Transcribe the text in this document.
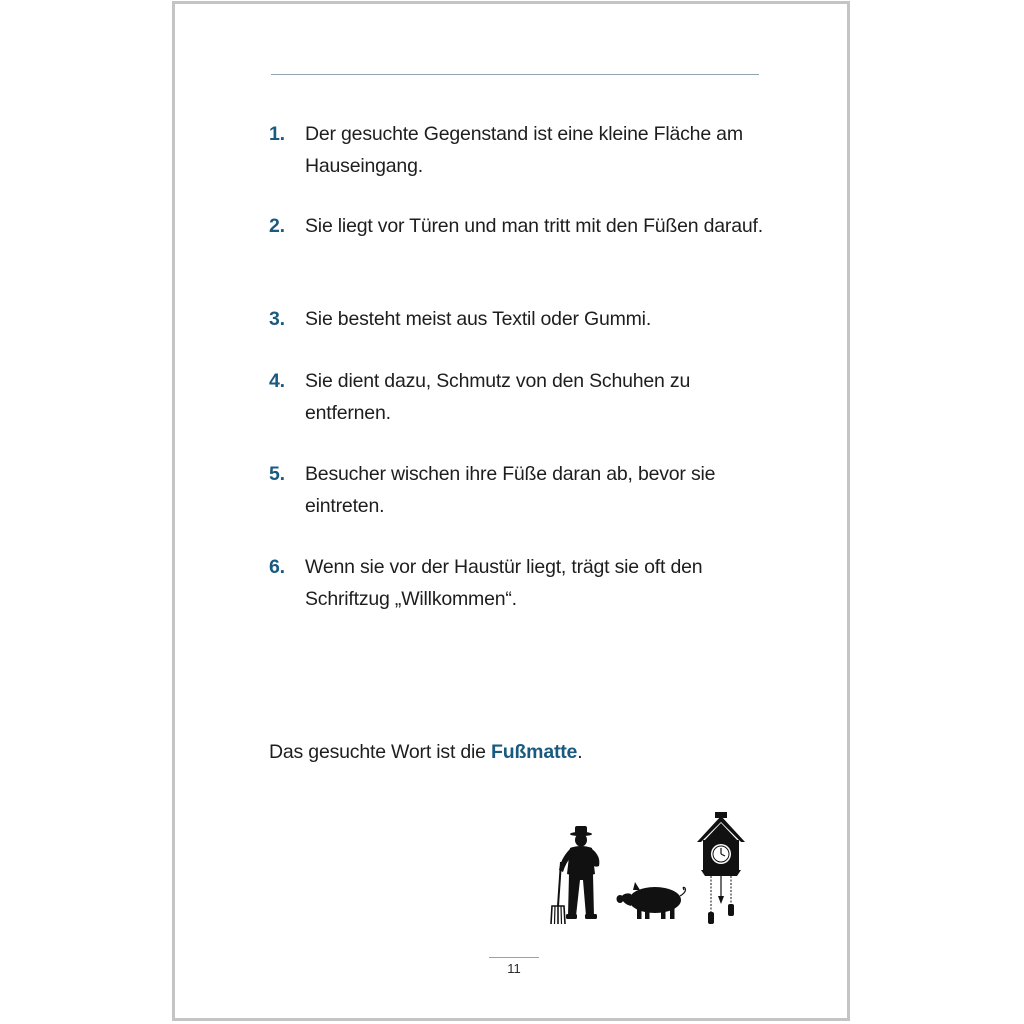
1.	Der gesuchte Gegenstand ist eine kleine Fläche am Hauseingang.
2.	Sie liegt vor Türen und man tritt mit den Füßen darauf.
3.	Sie besteht meist aus Textil oder Gummi.
4.	Sie dient dazu, Schmutz von den Schuhen zu entfernen.
5.	Besucher wischen ihre Füße daran ab, bevor sie eintreten.
6.	Wenn sie vor der Haustür liegt, trägt sie oft den Schriftzug „Willkommen“.
Das gesuchte Wort ist die Fußmatte.
11
